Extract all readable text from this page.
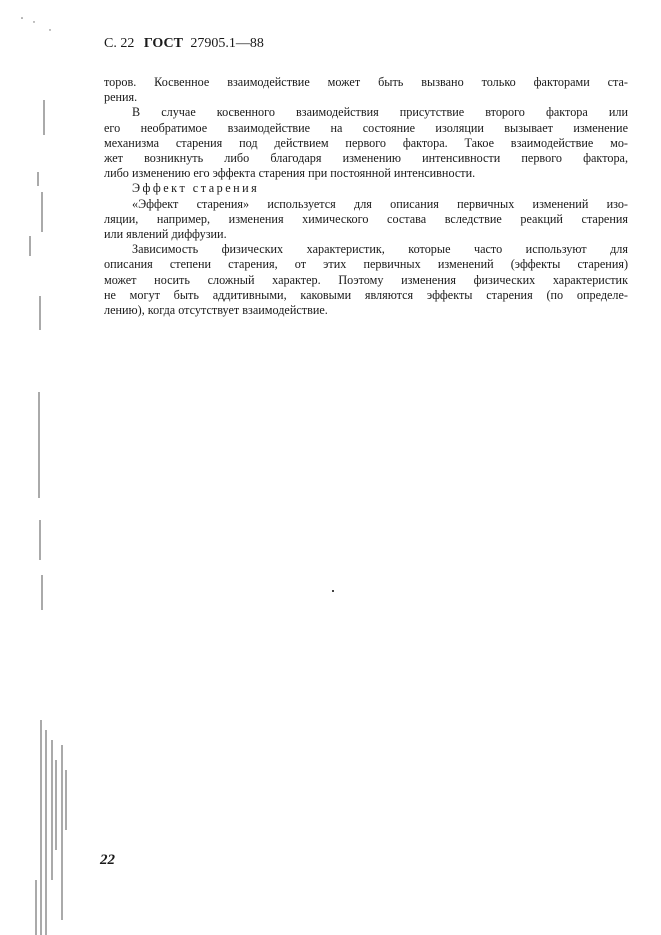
С. 22 ГОСТ 27905.1—88
торов. Косвенное взаимодействие может быть вызвано только факторами ста-
рения.
В случае косвенного взаимодействия присутствие второго фактора или
его необратимое взаимодействие на состояние изоляции вызывает изменение
механизма старения под действием первого фактора. Такое взаимодействие мо-
жет возникнуть либо благодаря изменению интенсивности первого фактора,
либо изменению его эффекта старения при постоянной интенсивности.
Эффект старения
«Эффект старения» используется для описания первичных изменений изо-
ляции, например, изменения химического состава вследствие реакций старения
или явлений диффузии.
Зависимость физических характеристик, которые часто используют для
описания степени старения, от этих первичных изменений (эффекты старения)
может носить сложный характер. Поэтому изменения физических характеристик
не могут быть аддитивными, каковыми являются эффекты старения (по определе-
лению), когда отсутствует взаимодействие.
22
